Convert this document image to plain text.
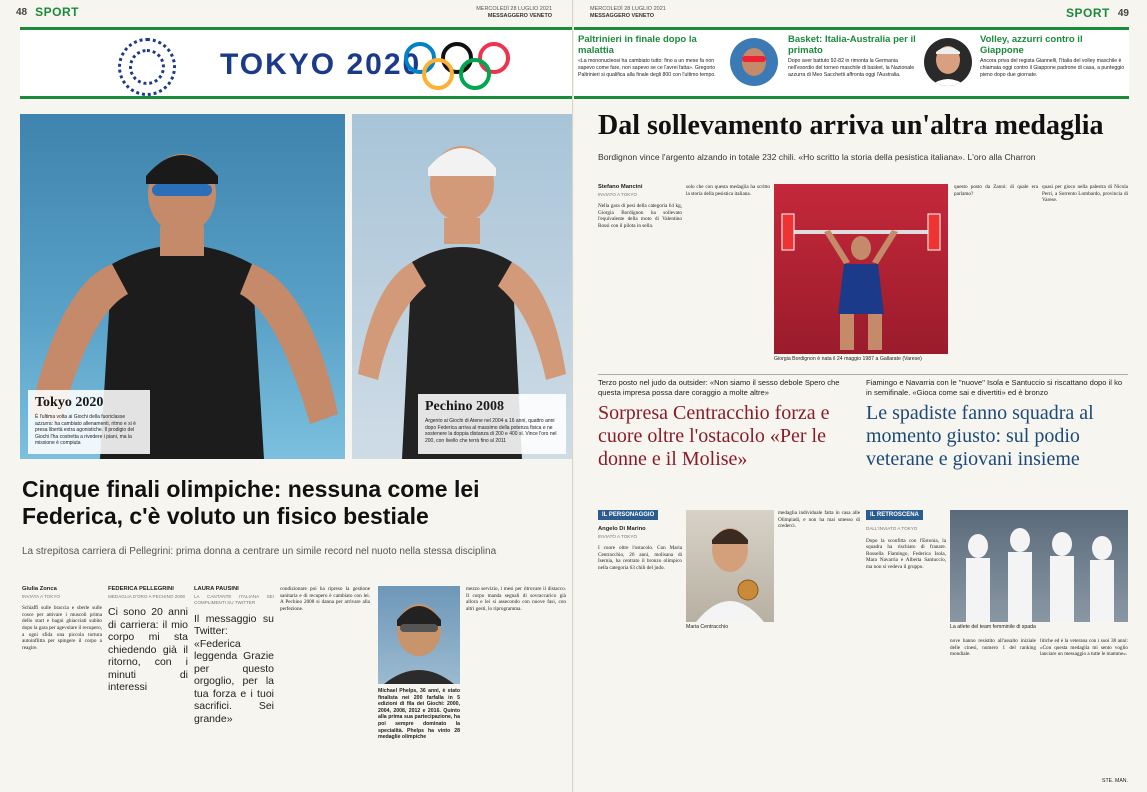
48 SPORT	MERCOLEDÌ 28 LUGLIO 2021
MESSAGGERO VENETO
TOKYO 2020
Tokyo 2020
È l'ultima volta ai Giochi della fuoriclasse azzurra: ha cambiato allenamenti, ritmo e si è presa libertà extra agonistiche. Il prodigio del Giochi l'ha costretta a rivedere i piani, ma la missione è compiuta
Pechino 2008
Argento ai Giochi di Atene nel 2004 a 16 anni, quattro anni dopo Federica arriva al massimo della potenza fisica e ne sostenere la doppia distanza di 200 e 400 sl. Vince l'oro nel 200, con livello che terrà fino al 2011
Cinque finali olimpiche: nessuna come lei Federica, c'è voluto un fisico bestiale
La strepitosa carriera di Pellegrini: prima donna a centrare un simile record nel nuoto nella stessa disciplina
Giulia Zonca
INVIATA A TOKYO

Schiaffi sulle braccia e sberle sulle cosce per attivare i muscoli prima dello start e bagni ghiacciati subito dopo la gara per agevolare il recupero, a ogni sfida una piccola tortura autoinflitta per spingere il corpo a reagire.

FEDERICA PELLEGRINI
MEDAGLIA D'ORO A PECHINO 2008
Ci sono 20 anni di carriera: il mio corpo mi sta chiedendo già il ritorno, con i minuti di interessi
LAURA PAUSINI
LA CANTANTE ITALIANA SEI COMPLIMENTI SU TWITTER
Il messaggio su Twitter: «Federica leggenda Grazie per questo orgoglio, per la tua forza e i tuoi sacrifici. Sei grande»

condizionare poi ha ripreso la gestione sanitaria e di recupero è cambiato con lei. A Pechino 2008 si danna per arrivare alla perfezione.

Michael Phelps, 36 anni, è stato finalista nei 200 farfalla in 5 edizioni di fila dei Giochi: 2000, 2004, 2008, 2012 e 2016. Quinto alla prima sua partecipazione, ha poi sempre dominato la specialità. Phelps ha vinto 28 medaglie olimpiche

mezzo servizio, i mesi per ritrovare il distacco. Il corpo manda segnali di sovraccarico già allora e lei si assecondo con nuove fasi, con altri gesti, lo riprogramma.

MERCOLEDÌ 28 LUGLIO 2021
MESSAGGERO VENETO	SPORT 49
Paltrinieri in finale dopo la malattia
«La mononucleosi ha cambiato tutto: fino a un mese fa non sapevo come fare, non sapevo se ce l'avrei fatta». Gregorio Paltrinieri si qualifica alla finale degli 800 con l'ultimo tempo.
Basket: Italia-Australia per il primato
Dopo aver battuto 92-82 in rimonta la Germania nell'esordio del torneo maschile di basket, la Nazionale azzurra di Meo Sacchetti affronta oggi l'Australia.
Volley, azzurri contro il Giappone
Ancora priva del regista Giannelli, l'Italia del volley maschile è chiamata oggi contro il Giappone padrone di casa, a punteggio pieno dopo due giornate.
Dal sollevamento arriva un'altra medaglia
Bordignon vince l'argento alzando in totale 232 chili. «Ho scritto la storia della pesistica italiana». L'oro alla Charron
Stefano Mancini
INVIATO A TOKYO

Nella gara di pesi della categoria 64 kg, Giorgia Bordignon ha sollevato l'equivalente della moto di Valentino Rossi con il pilota in sella.

solo che con questa medaglia ha scritto la storia della pesistica italiana.

Giorgia Bordignon è nata il 24 maggio 1987 a Gallarate (Varese)

questo posto da Zanni: di quale era parlamo?

quasi per gioco nella palestra di Nicola Perri, a Sorrento Lombardo, provincia di Varese.

Terzo posto nel judo da outsider: «Non siamo il sesso debole Spero che questa impresa possa dare coraggio a molte altre»
Sorpresa Centracchio forza e cuore oltre l'ostacolo «Per le donne e il Molise»
Fiamingo e Navarria con le "nuove" Isola e Santuccio si riscattano dopo il ko in semifinale. «Gioca come sai e divertiti» ed è bronzo
Le spadiste fanno squadra al momento giusto: sul podio veterane e giovani insieme
IL PERSONAGGIO	IL RETROSCENA
Angelo Di Marino
INVIATO A TOKYO

I cuore oltre l'ostacolo. Con Maria Centracchio, 26 anni, molisana di Isernia, ha centrato il bronzo olimpico nella categoria 63 chili del judo.

Maria Centracchio

medaglia individuale fatta in casa alle Olimpiadi, e non ha mai smesso di crederci.	DALL'INVIATO A TOKYO

Dopo la sconfitta con l'Estonia, la squadra ha rischiato di franare. Rossella Fiamingo, Federica Isola, Mara Navarria e Alberta Santuccio, ma non si vedeva il gruppo.

La atlete del team femminile di spada

nove hanno resistito all'assalto iniziale delle cinesi, numero 1 del ranking mondiale.

litiche ed è la veterana con i suoi 38 anni: «Con questa medaglia mi sento voglio lanciare un messaggio a tutte le mamme».

STE. MAN.
